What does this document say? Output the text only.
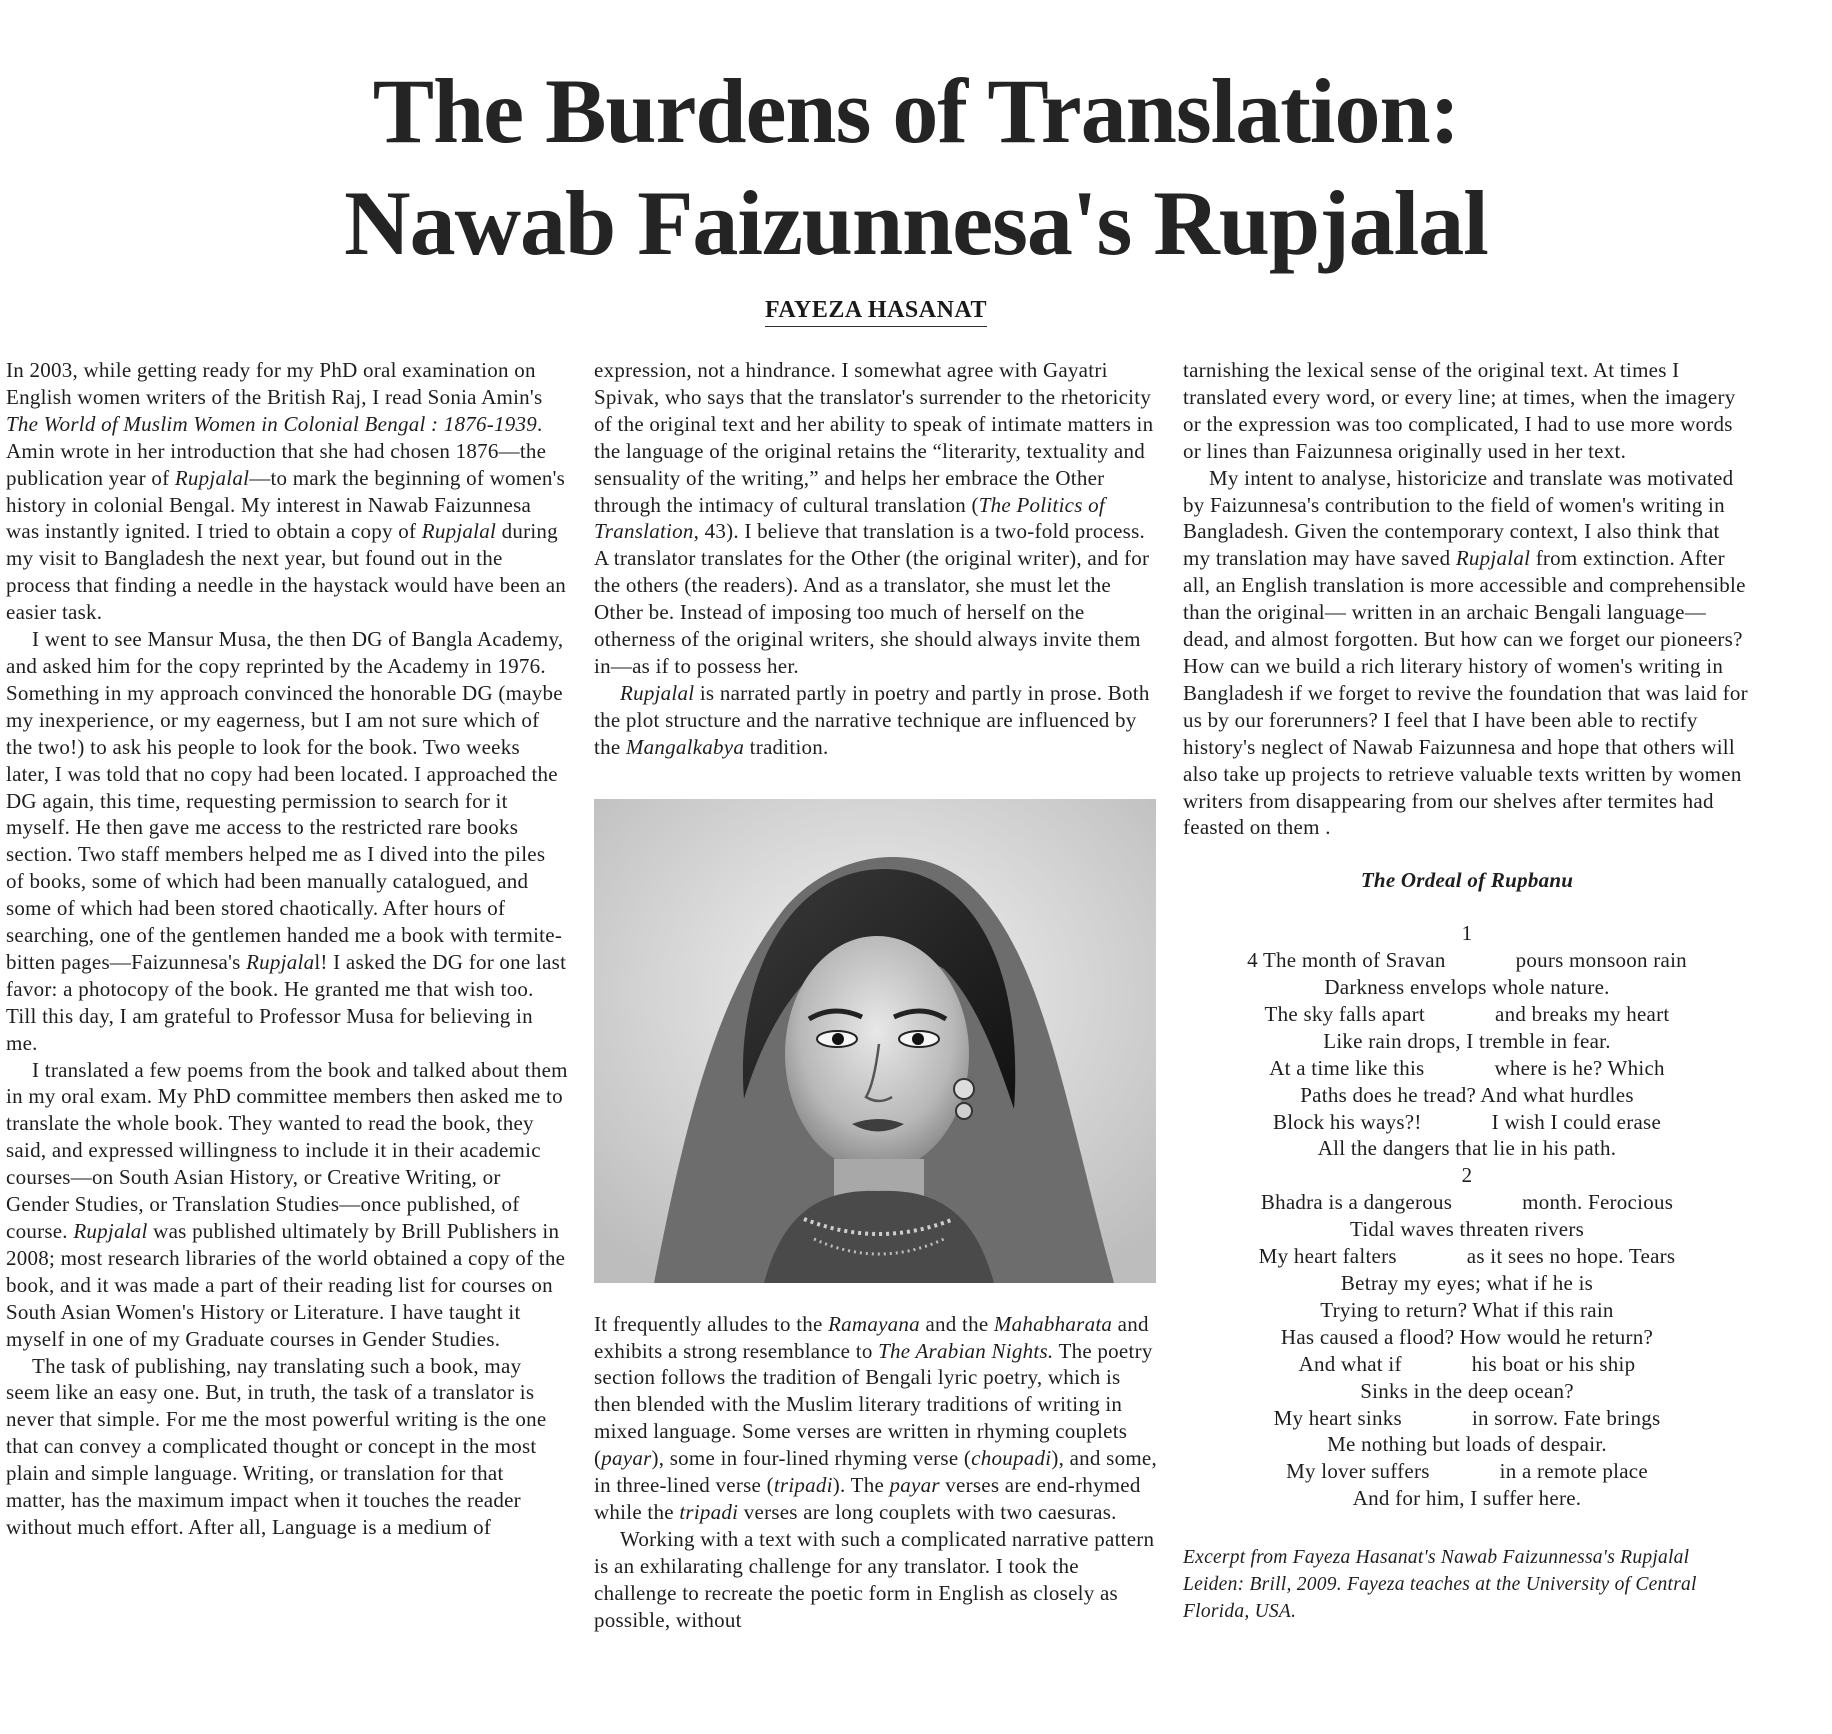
The Burdens of Translation:
Nawab Faizunnesa's Rupjalal
FAYEZA HASANAT

In 2003, while getting ready for my PhD oral examination on English women writers of the British Raj, I read Sonia Amin's The World of Muslim Women in Colonial Bengal : 1876-1939. Amin wrote in her introduction that she had chosen 1876—the publication year of Rupjalal—to mark the beginning of women's history in colonial Bengal. My interest in Nawab Faizunnesa was instantly ignited. I tried to obtain a copy of Rupjalal during my visit to Bangladesh the next year, but found out in the process that finding a needle in the haystack would have been an easier task.

I went to see Mansur Musa, the then DG of Bangla Academy, and asked him for the copy reprinted by the Academy in 1976. Something in my approach convinced the honorable DG (maybe my inexperience, or my eagerness, but I am not sure which of the two!) to ask his people to look for the book. Two weeks later, I was told that no copy had been located. I approached the DG again, this time, requesting permission to search for it myself. He then gave me access to the restricted rare books section. Two staff members helped me as I dived into the piles of books, some of which had been manually catalogued, and some of which had been stored chaotically. After hours of searching, one of the gentlemen handed me a book with termite-bitten pages—Faizunnesa's Rupjalal! I asked the DG for one last favor: a photocopy of the book. He granted me that wish too. Till this day, I am grateful to Professor Musa for believing in me.

I translated a few poems from the book and talked about them in my oral exam. My PhD committee members then asked me to translate the whole book. They wanted to read the book, they said, and expressed willingness to include it in their academic courses—on South Asian History, or Creative Writing, or Gender Studies, or Translation Studies—once published, of course. Rupjalal was published ultimately by Brill Publishers in 2008; most research libraries of the world obtained a copy of the book, and it was made a part of their reading list for courses on South Asian Women's History or Literature. I have taught it myself in one of my Graduate courses in Gender Studies.

The task of publishing, nay translating such a book, may seem like an easy one. But, in truth, the task of a translator is never that simple. For me the most powerful writing is the one that can convey a complicated thought or concept in the most plain and simple language. Writing, or translation for that matter, has the maximum impact when it touches the reader without much effort. After all, Language is a medium of

expression, not a hindrance. I somewhat agree with Gayatri Spivak, who says that the translator's surrender to the rhetoricity of the original text and her ability to speak of intimate matters in the language of the original retains the “literarity, textuality and sensuality of the writing,” and helps her embrace the Other through the intimacy of cultural translation (The Politics of Translation, 43). I believe that translation is a two-fold process. A translator translates for the Other (the original writer), and for the others (the readers). And as a translator, she must let the Other be. Instead of imposing too much of herself on the otherness of the original writers, she should always invite them in—as if to possess her.

Rupjalal is narrated partly in poetry and partly in prose. Both the plot structure and the narrative technique are influenced by the Mangalkabya tradition.

It frequently alludes to the Ramayana and the Mahabharata and exhibits a strong resemblance to The Arabian Nights. The poetry section follows the tradition of Bengali lyric poetry, which is then blended with the Muslim literary traditions of writing in mixed language. Some verses are written in rhyming couplets (payar), some in four-lined rhyming verse (choupadi), and some, in three-lined verse (tripadi). The payar verses are end-rhymed while the tripadi verses are long couplets with two caesuras.

Working with a text with such a complicated narrative pattern is an exhilarating challenge for any translator. I took the challenge to recreate the poetic form in English as closely as possible, without

tarnishing the lexical sense of the original text. At times I translated every word, or every line; at times, when the imagery or the expression was too complicated, I had to use more words or lines than Faizunnesa originally used in her text.

My intent to analyse, historicize and translate was motivated by Faizunnesa's contribution to the field of women's writing in Bangladesh. Given the contemporary context, I also think that my translation may have saved Rupjalal from extinction. After all, an English translation is more accessible and comprehensible than the original— written in an archaic Bengali language— dead, and almost forgotten. But how can we forget our pioneers? How can we build a rich literary history of women's writing in Bangladesh if we forget to revive the foundation that was laid for us by our forerunners? I feel that I have been able to rectify history's neglect of Nawab Faizunnesa and hope that others will also take up projects to retrieve valuable texts written by women writers from disappearing from our shelves after termites had feasted on them .

The Ordeal of Rupbanu
1
4 The month of Sravan	pours monsoon rain
Darkness envelops whole nature.
The sky falls apart	and breaks my heart
Like rain drops, I tremble in fear.
At a time like this	where is he? Which
Paths does he tread? And what hurdles
Block his ways?!	I wish I could erase
All the dangers that lie in his path.
2
Bhadra is a dangerous	month. Ferocious
Tidal waves threaten rivers
My heart falters	as it sees no hope. Tears
Betray my eyes; what if he is
Trying to return? What if this rain
Has caused a flood? How would he return?
And what if	his boat or his ship
Sinks in the deep ocean?
My heart sinks	in sorrow. Fate brings
Me nothing but loads of despair.
My lover suffers	in a remote place
And for him, I suffer here.
Excerpt from Fayeza Hasanat's Nawab Faizunnessa's Rupjalal Leiden: Brill, 2009. Fayeza teaches at the University of Central Florida, USA.
